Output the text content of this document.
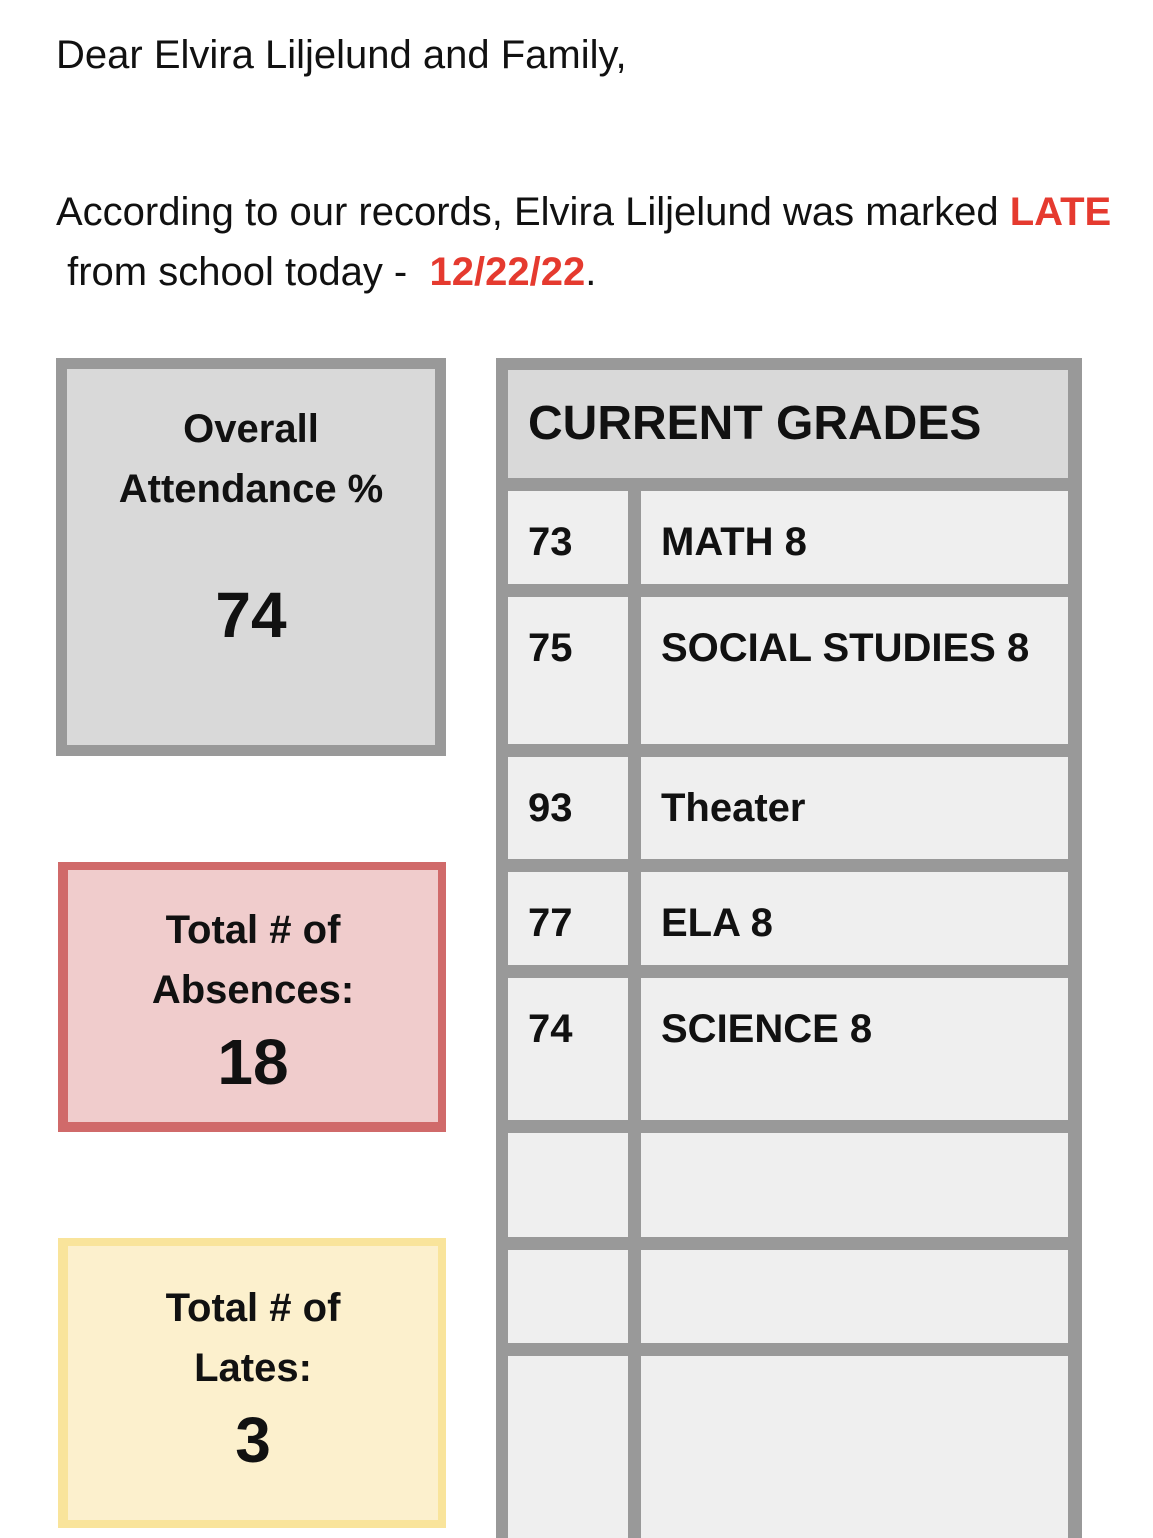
Dear Elvira Liljelund and Family,
According to our records, Elvira Liljelund was marked LATE from school today -  12/22/22.
Overall Attendance %
74
Total # of Absences:
18
Total # of Lates:
3
CURRENT GRADES
73	MATH 8
75	SOCIAL STUDIES 8
93	Theater
77	ELA 8
74	SCIENCE 8
